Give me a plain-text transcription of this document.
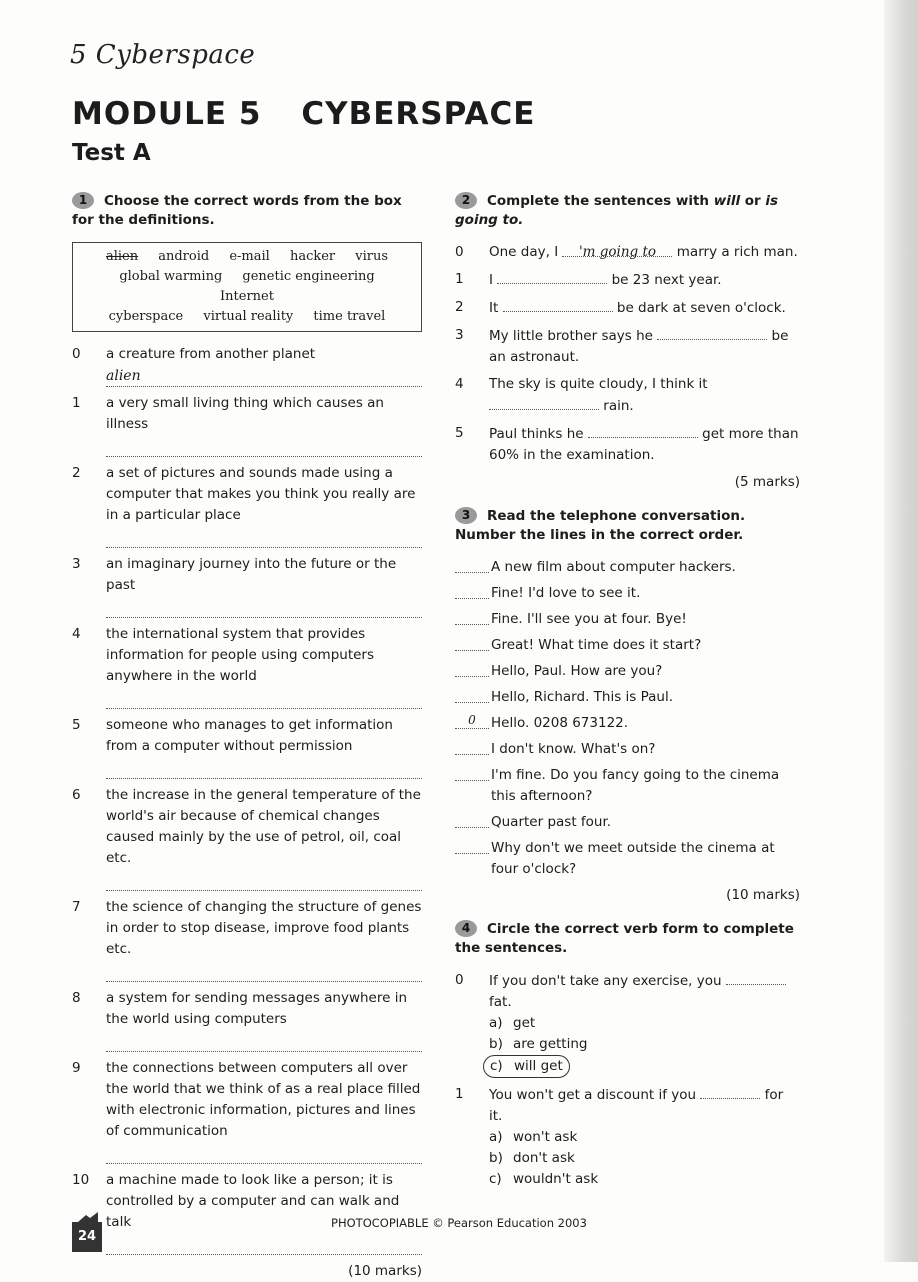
5 Cyberspace
MODULE 5 CYBERSPACE
Test A
1 Choose the correct words from the box for the definitions.
alien android e-mail hacker virus
global warming genetic engineering Internet
cyberspace virtual reality time travel
0	a creature from another planet
alien
1	a very small living thing which causes an illness
2	a set of pictures and sounds made using a computer that makes you think you really are in a particular place
3	an imaginary journey into the future or the past
4	the international system that provides information for people using computers anywhere in the world
5	someone who manages to get information from a computer without permission
6	the increase in the general temperature of the world's air because of chemical changes caused mainly by the use of petrol, oil, coal etc.
7	the science of changing the structure of genes in order to stop disease, improve food plants etc.
8	a system for sending messages anywhere in the world using computers
9	the connections between computers all over the world that we think of as a real place filled with electronic information, pictures and lines of communication
10	a machine made to look like a person; it is controlled by a computer and can walk and talk
(10 marks)
2 Complete the sentences with will or is going to.
0	One day, I 'm going to marry a rich man.
1	I	be 23 next year.
2	It	be dark at seven o'clock.
3	My little brother says he	be an astronaut.
4	The sky is quite cloudy, I think it  rain.
5	Paul thinks he	get more than 60% in the examination.
(5 marks)
3 Read the telephone conversation. Number the lines in the correct order.
A new film about computer hackers.
Fine! I'd love to see it.
Fine. I'll see you at four. Bye!
Great! What time does it start?
Hello, Paul. How are you?
Hello, Richard. This is Paul.
0	Hello. 0208 673122.
I don't know. What's on?
I'm fine. Do you fancy going to the cinema this afternoon?
Quarter past four.
Why don't we meet outside the cinema at four o'clock?
(10 marks)
4 Circle the correct verb form to complete the sentences.
0	If you don't take any exercise, you  fat.
a) get
b) are getting
c) will get
1	You won't get a discount if you	for it.
a) won't ask
b) don't ask
c) wouldn't ask
24
PHOTOCOPIABLE © Pearson Education 2003
